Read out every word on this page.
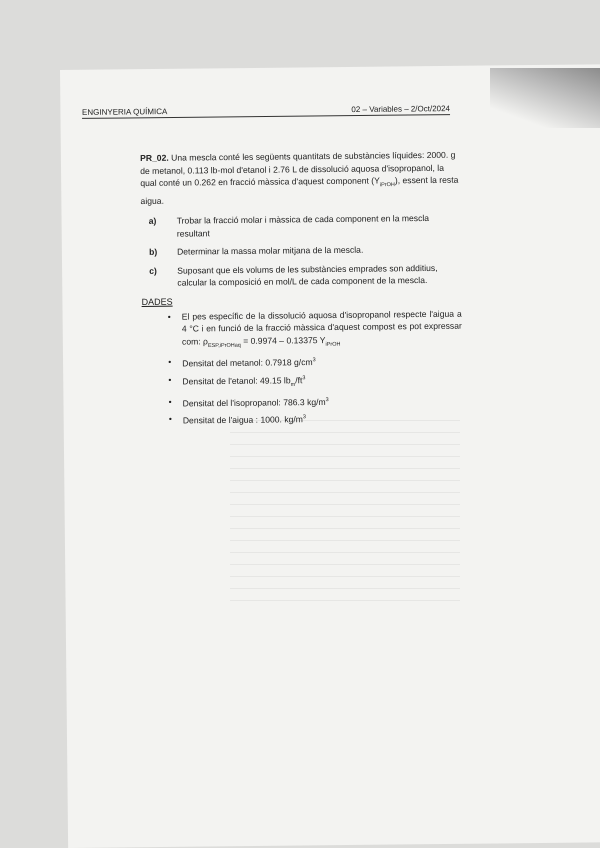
ENGINYERIA QUÍMICA	02 – Variables – 2/Oct/2024

PR_02. Una mescla conté les següents quantitats de substàncies líquides: 2000. g de metanol, 0.113 lb-mol d'etanol i 2.76 L de dissolució aquosa d'isopropanol, la qual conté un 0.262 en fracció màssica d'aquest component $(Y_{iPrOH})$, essent la resta aigua.

a)	Trobar la fracció molar i màssica de cada component en la mescla resultant
b)	Determinar la massa molar mitjana de la mescla.
c)	Suposant que els volums de les substàncies emprades son additius, calcular la composició en mol/L de cada component de la mescla.
DADES
• El pes específic de la dissolució aquosa d'isopropanol respecte l'aigua a 4 °C i en funció de la fracció màssica d'aquest compost es pot expressar com: $\rho_{ESP,iPrOHaq} = 0.9974 - 0.13375$ $Y_{iPrOH}$
• Densitat del metanol: 0.7918 $g/cm^3$
• Densitat de l'etanol: 49.15 $lb_m/ft^3$
• Densitat del l'isopropanol: 786.3 $kg/m^3$
• Densitat de l'aigua : 1000. $kg/m^3$
